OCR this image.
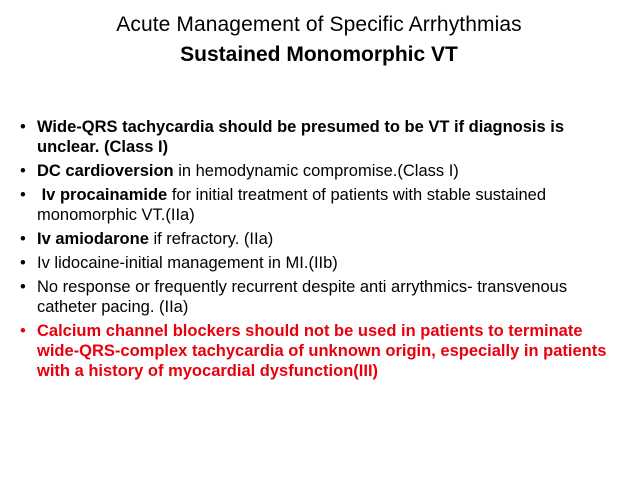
Acute Management of Specific Arrhythmias
Sustained Monomorphic VT
• Wide-QRS tachycardia should be presumed to be VT if diagnosis is unclear. (Class I)
• DC cardioversion in hemodynamic compromise.(Class I)
• Iv procainamide for initial treatment of patients with stable sustained monomorphic VT.(IIa)
• Iv amiodarone if refractory. (IIa)
• Iv lidocaine-initial management in MI.(IIb)
• No response or frequently recurrent despite anti arrythmics- transvenous catheter pacing. (IIa)
• Calcium channel blockers should not be used in patients to terminate wide-QRS-complex tachycardia of unknown origin, especially in patients with a history of myocardial dysfunction(III)
